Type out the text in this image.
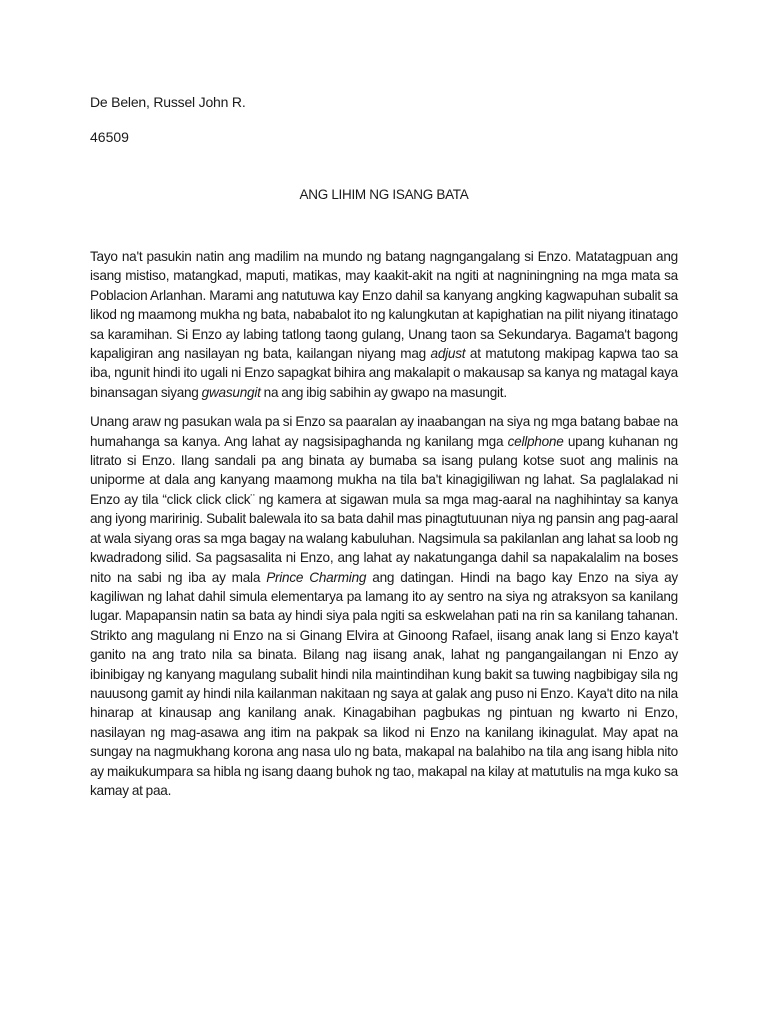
De Belen, Russel John R.
46509
ANG LIHIM NG ISANG BATA

Tayo na't pasukin natin ang madilim na mundo ng batang nagngangalang si Enzo. Matatagpuan ang isang mistiso, matangkad, maputi, matikas, may kaakit-akit na ngiti at nagniningning na mga mata sa Poblacion Arlanhan. Marami ang natutuwa kay Enzo dahil sa kanyang angking kagwapuhan subalit sa likod ng maamong mukha ng bata, nababalot ito ng kalungkutan at kapighatian na pilit niyang itinatago sa karamihan. Si Enzo ay labing tatlong taong gulang, Unang taon sa Sekundarya. Bagama't bagong kapaligiran ang nasilayan ng bata, kailangan niyang mag adjust at matutong makipag kapwa tao sa iba, ngunit hindi ito ugali ni Enzo sapagkat bihira ang makalapit o makausap sa kanya ng matagal kaya binansagan siyang gwasungit na ang ibig sabihin ay gwapo na masungit.

Unang araw ng pasukan wala pa si Enzo sa paaralan ay inaabangan na siya ng mga batang babae na humahanga sa kanya. Ang lahat ay nagsisipaghanda ng kanilang mga cellphone upang kuhanan ng litrato si Enzo. Ilang sandali pa ang binata ay bumaba sa isang pulang kotse suot ang malinis na uniporme at dala ang kanyang maamong mukha na tila ba't kinagigiliwan ng lahat. Sa paglalakad ni Enzo ay tila “click click click¨ ng kamera at sigawan mula sa mga mag-aaral na naghihintay sa kanya ang iyong maririnig. Subalit balewala ito sa bata dahil mas pinagtutuunan niya ng pansin ang pag-aaral at wala siyang oras sa mga bagay na walang kabuluhan. Nagsimula sa pakilanlan ang lahat sa loob ng kwadradong silid. Sa pagsasalita ni Enzo, ang lahat ay nakatunganga dahil sa napakalalim na boses nito na sabi ng iba ay mala Prince Charming ang datingan. Hindi na bago kay Enzo na siya ay kagiliwan ng lahat dahil simula elementarya pa lamang ito ay sentro na siya ng atraksyon sa kanilang lugar. Mapapansin natin sa bata ay hindi siya pala ngiti sa eskwelahan pati na rin sa kanilang tahanan. Strikto ang magulang ni Enzo na si Ginang Elvira at Ginoong Rafael, iisang anak lang si Enzo kaya't ganito na ang trato nila sa binata. Bilang nag iisang anak, lahat ng pangangailangan ni Enzo ay ibinibigay ng kanyang magulang subalit hindi nila maintindihan kung bakit sa tuwing nagbibigay sila ng nauusong gamit ay hindi nila kailanman nakitaan ng saya at galak ang puso ni Enzo. Kaya't dito na nila hinarap at kinausap ang kanilang anak. Kinagabihan pagbukas ng pintuan ng kwarto ni Enzo, nasilayan ng mag-asawa ang itim na pakpak sa likod ni Enzo na kanilang ikinagulat. May apat na sungay na nagmukhang korona ang nasa ulo ng bata, makapal na balahibo na tila ang isang hibla nito ay maikukumpara sa hibla ng isang daang buhok ng tao, makapal na kilay at matutulis na mga kuko sa kamay at paa.
